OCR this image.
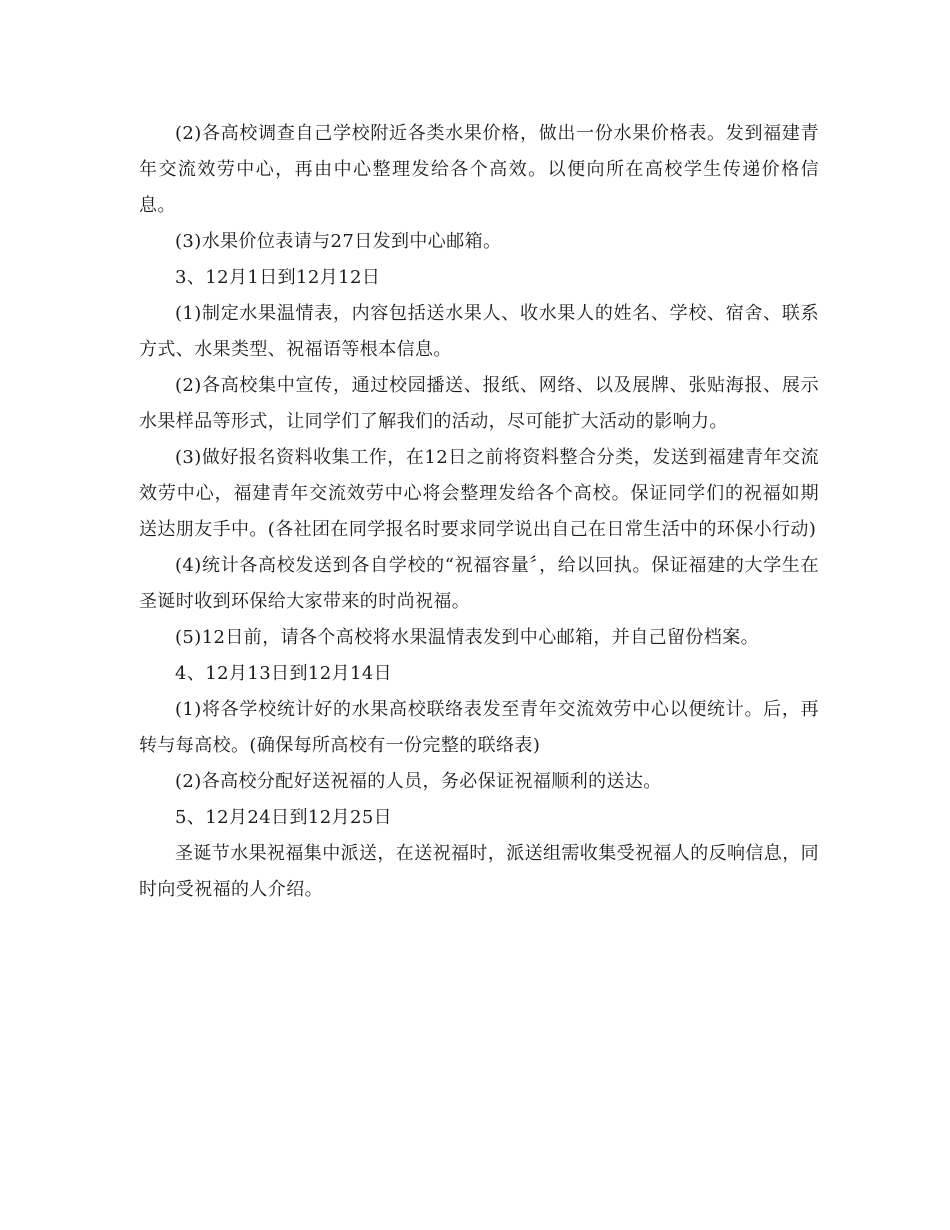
(2)各高校调查自己学校附近各类水果价格，做出一份水果价格表。发到福建青年交流效劳中心，再由中心整理发给各个高效。以便向所在高校学生传递价格信息。

(3)水果价位表请与27日发到中心邮箱。

3、12月1日到12月12日

(1)制定水果温情表，内容包括送水果人、收水果人的姓名、学校、宿舍、联系方式、水果类型、祝福语等根本信息。

(2)各高校集中宣传，通过校园播送、报纸、网络、以及展牌、张贴海报、展示水果样品等形式，让同学们了解我们的活动，尽可能扩大活动的影响力。

(3)做好报名资料收集工作，在12日之前将资料整合分类，发送到福建青年交流效劳中心，福建青年交流效劳中心将会整理发给各个高校。保证同学们的祝福如期送达朋友手中。(各社团在同学报名时要求同学说出自己在日常生活中的环保小行动)

(4)统计各高校发送到各自学校的“祝福容量〞，给以回执。保证福建的大学生在圣诞时收到环保给大家带来的时尚祝福。

(5)12日前，请各个高校将水果温情表发到中心邮箱，并自己留份档案。

4、12月13日到12月14日

(1)将各学校统计好的水果高校联络表发至青年交流效劳中心以便统计。后，再转与每高校。(确保每所高校有一份完整的联络表)

(2)各高校分配好送祝福的人员，务必保证祝福顺利的送达。

5、12月24日到12月25日

圣诞节水果祝福集中派送，在送祝福时，派送组需收集受祝福人的反响信息，同时向受祝福的人介绍。
